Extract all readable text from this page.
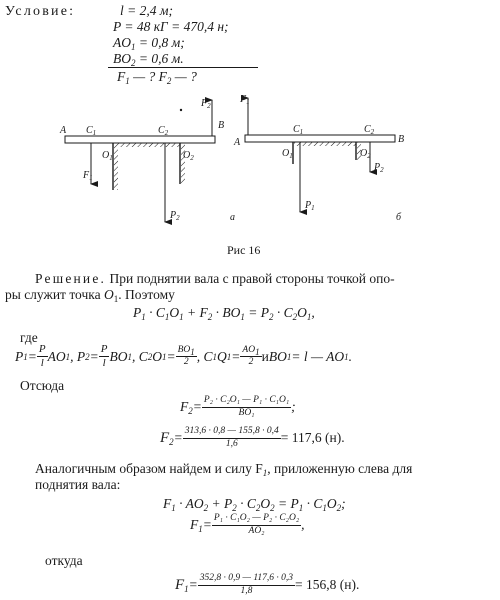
Условие:	l = 2,4 м;
P = 48 кГ = 470,4 н;
$AO_1 = 0,8$ м;
$BO_2 = 0,6$ м.
$F_1$ — ? $F_2$ — ?
A $C_1$	$C_2$
B
$O_1$	$O_2$
$F_1$
$P_2$
$F_2$
а
$F_1$
A
$C_1$	$C_2$
B
$O_1$	$O_2$
$P_1$
$P_2$
б
Рис 16
Решение. При поднятии вала с правой стороны точкой опо-
ры служит точка $O_1$. Поэтому
$P_1 \cdot C_1O_1 + F_2 \cdot BO_1 = P_2 \cdot C_2O_1$,
где
P $1 = \frac{P}{l}$ AO 1 , P $2 = \frac{P}{l}$ BO 1 , C 2 O $1 = \frac{BO_1}{2}$ , C 1 Q $1 = \frac{AO_1}{2}$ и BO 1 = l — AO 1 .
Отсюда
$F_2 = \frac{\text{P₂ · C₂O₁ — P₁ · C₁O₁}}{\text{BO₁}}$ ;
$F_2 = \frac{313,6 \cdot 0,8 — 155,8 \cdot 0,4}{1,6} = 117,6$ (н).
Аналогичным образом найдем и силу $F_1$, приложенную слева для
поднятия вала:
$F_1 \cdot AO_2 + P_2 \cdot C_2O_2 = P_1 \cdot C_1O_2$;
$F_1 = \frac{\text{P₁ · C₁O₂ — P₂ · C₂O₂}}{\text{AO₂}}$ ,
откуда
$F_1 = \frac{352,8 \cdot 0,9 — 117,6 \cdot 0,3}{1,8} = 156,8$ (н).
